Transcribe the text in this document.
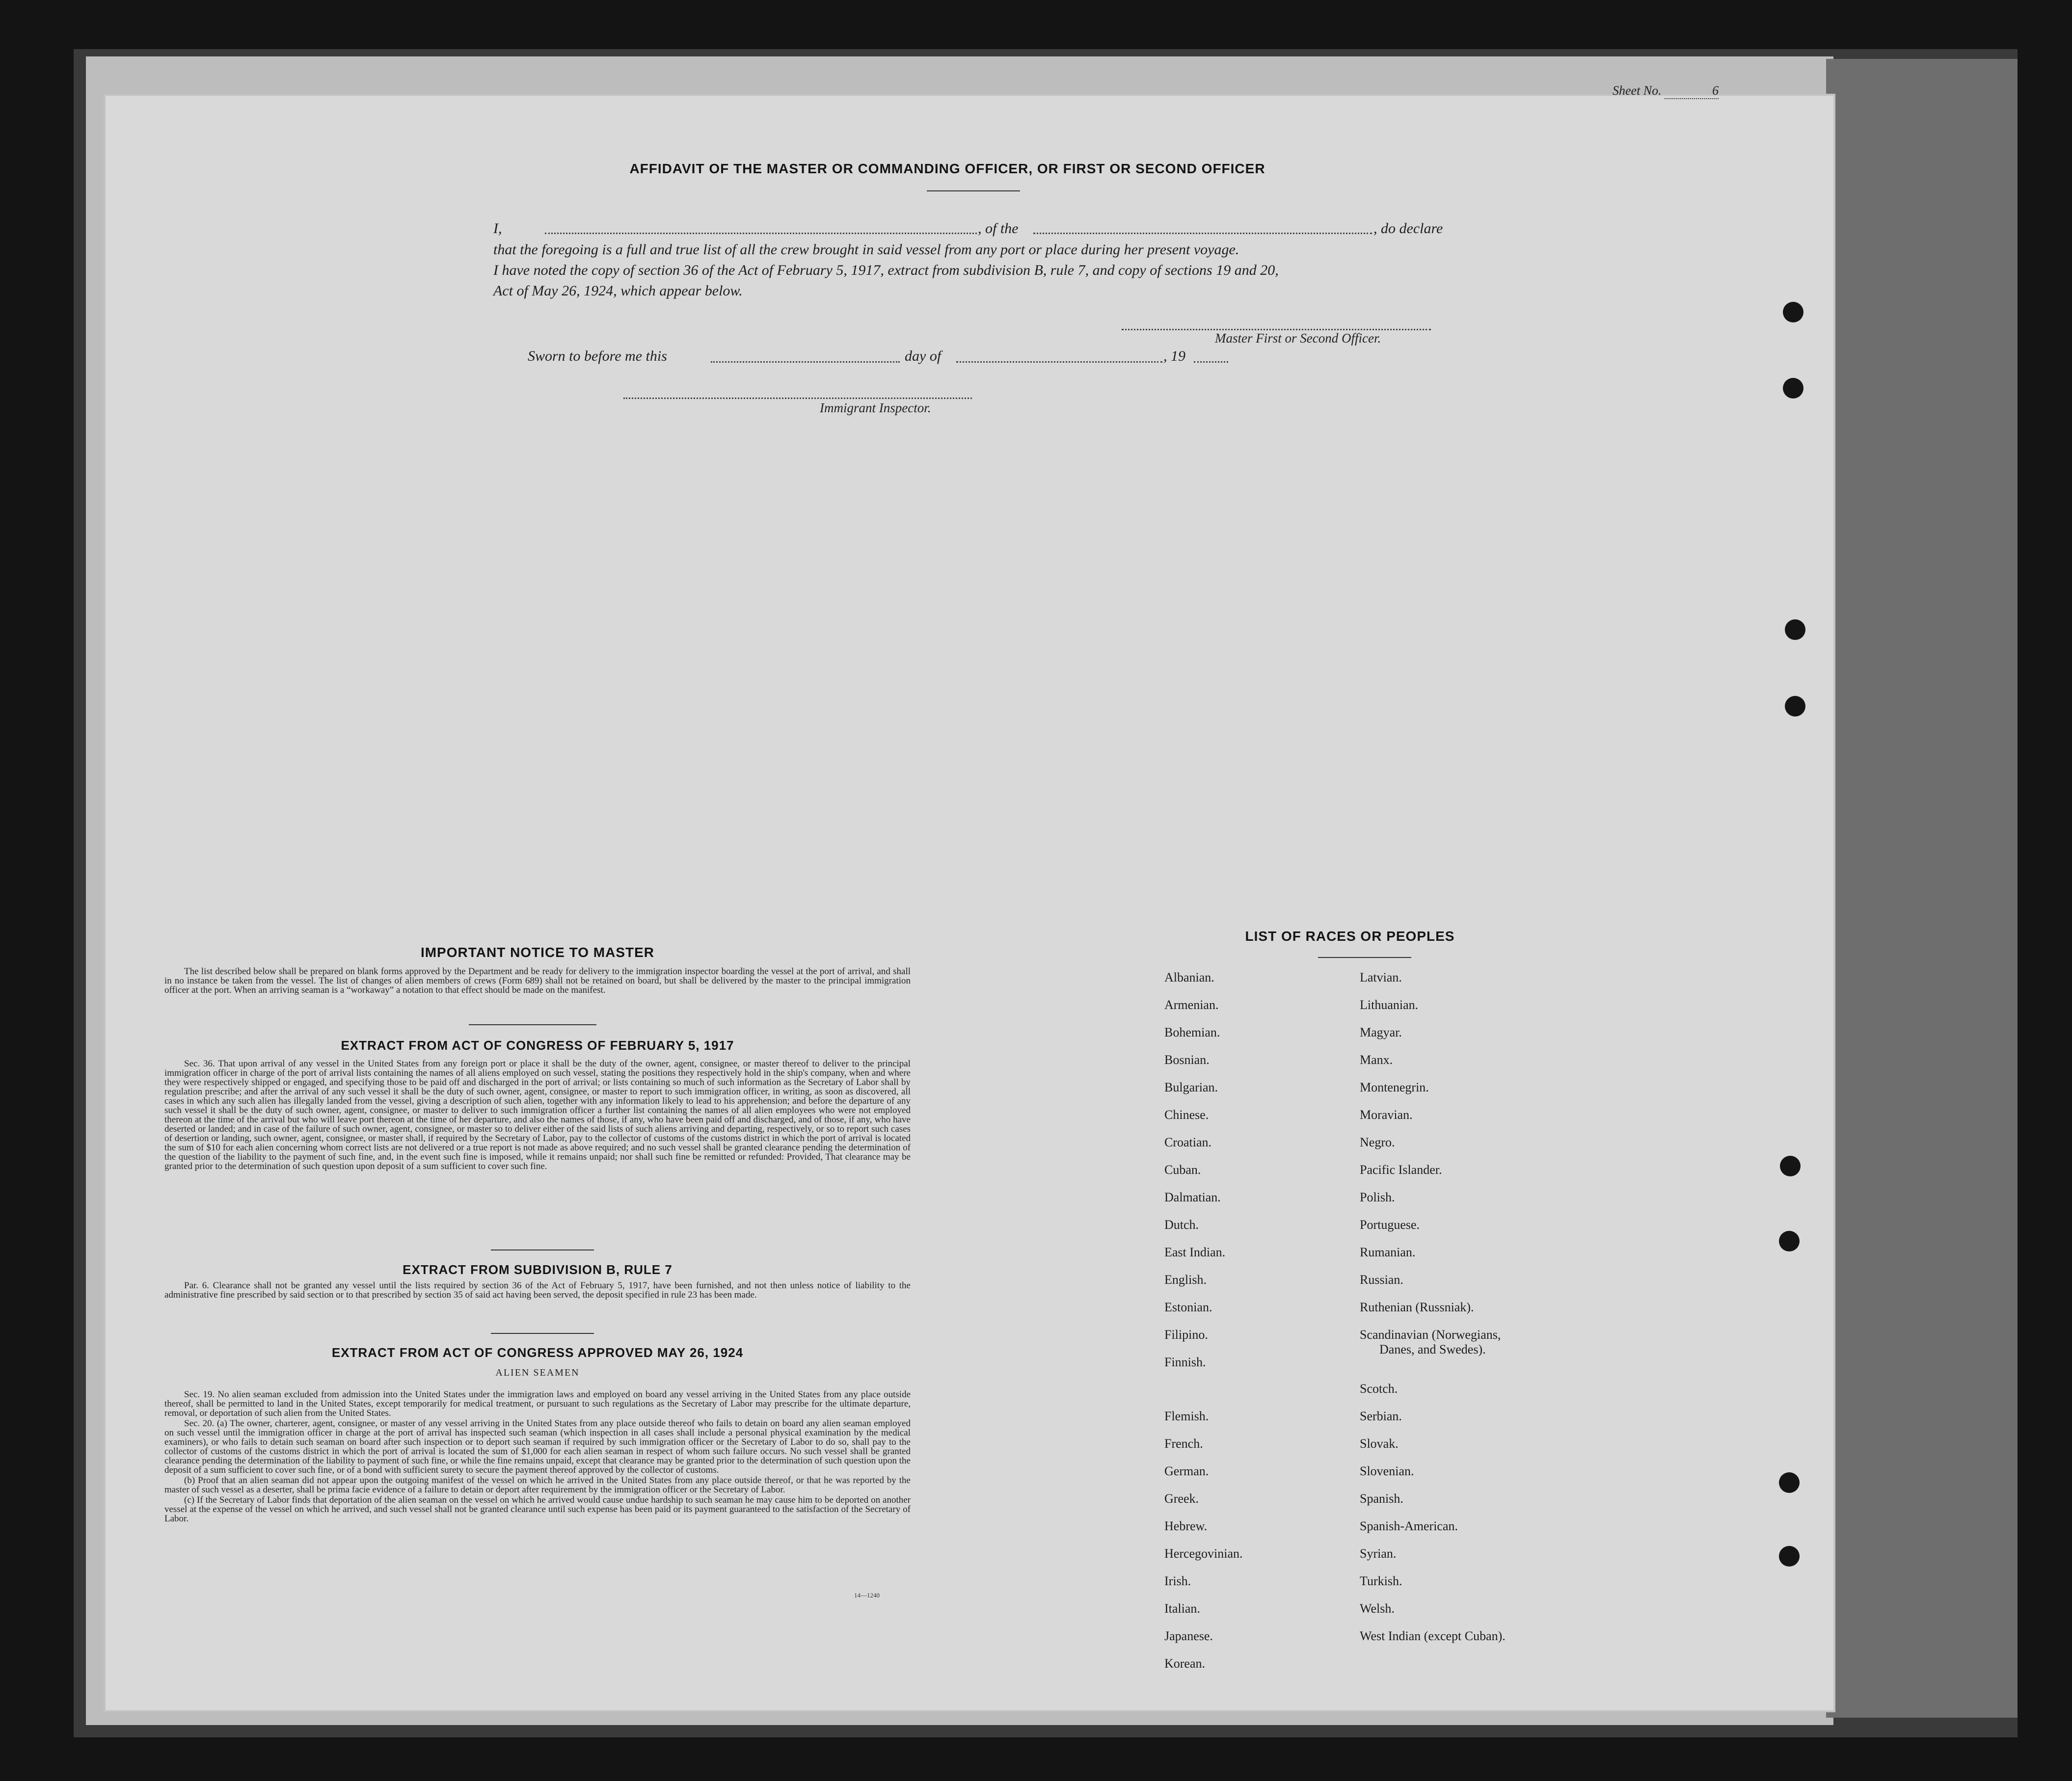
Sheet No.	6
AFFIDAVIT OF THE MASTER OR COMMANDING OFFICER, OR FIRST OR SECOND OFFICER
I,	, of the	, do declare
that the foregoing is a full and true list of all the crew brought in said vessel from any port or place during her present voyage.
I have noted the copy of section 36 of the Act of February 5, 1917, extract from subdivision B, rule 7, and copy of sections 19 and 20,
Act of May 26, 1924, which appear below.
Master First or Second Officer.
Sworn to before me this	day of	, 19
Immigrant Inspector.
IMPORTANT NOTICE TO MASTER

The list described below shall be prepared on blank forms approved by the Department and be ready for delivery to the immigration inspector boarding the vessel at the port of arrival, and shall in no instance be taken from the vessel. The list of changes of alien members of crews (Form 689) shall not be retained on board, but shall be delivered by the master to the principal immigration officer at the port. When an arriving seaman is a “workaway” a notation to that effect should be made on the manifest.

EXTRACT FROM ACT OF CONGRESS OF FEBRUARY 5, 1917

Sec. 36. That upon arrival of any vessel in the United States from any foreign port or place it shall be the duty of the owner, agent, consignee, or master thereof to deliver to the principal immigration officer in charge of the port of arrival lists containing the names of all aliens employed on such vessel, stating the positions they respectively hold in the ship's company, when and where they were respectively shipped or engaged, and specifying those to be paid off and discharged in the port of arrival; or lists containing so much of such information as the Secretary of Labor shall by regulation prescribe; and after the arrival of any such vessel it shall be the duty of such owner, agent, consignee, or master to report to such immigration officer, in writing, as soon as discovered, all cases in which any such alien has illegally landed from the vessel, giving a description of such alien, together with any information likely to lead to his apprehension; and before the departure of any such vessel it shall be the duty of such owner, agent, consignee, or master to deliver to such immigration officer a further list containing the names of all alien employees who were not employed thereon at the time of the arrival but who will leave port thereon at the time of her departure, and also the names of those, if any, who have been paid off and discharged, and of those, if any, who have deserted or landed; and in case of the failure of such owner, agent, consignee, or master so to deliver either of the said lists of such aliens arriving and departing, respectively, or so to report such cases of desertion or landing, such owner, agent, consignee, or master shall, if required by the Secretary of Labor, pay to the collector of customs of the customs district in which the port of arrival is located the sum of $10 for each alien concerning whom correct lists are not delivered or a true report is not made as above required; and no such vessel shall be granted clearance pending the determination of the question of the liability to the payment of such fine, and, in the event such fine is imposed, while it remains unpaid; nor shall such fine be remitted or refunded: Provided, That clearance may be granted prior to the determination of such question upon deposit of a sum sufficient to cover such fine.

EXTRACT FROM SUBDIVISION B, RULE 7

Par. 6. Clearance shall not be granted any vessel until the lists required by section 36 of the Act of February 5, 1917, have been furnished, and not then unless notice of liability to the administrative fine prescribed by said section or to that prescribed by section 35 of said act having been served, the deposit specified in rule 23 has been made.

EXTRACT FROM ACT OF CONGRESS APPROVED MAY 26, 1924
ALIEN SEAMEN

Sec. 19. No alien seaman excluded from admission into the United States under the immigration laws and employed on board any vessel arriving in the United States from any place outside thereof, shall be permitted to land in the United States, except temporarily for medical treatment, or pursuant to such regulations as the Secretary of Labor may prescribe for the ultimate departure, removal, or deportation of such alien from the United States.

Sec. 20. (a) The owner, charterer, agent, consignee, or master of any vessel arriving in the United States from any place outside thereof who fails to detain on board any alien seaman employed on such vessel until the immigration officer in charge at the port of arrival has inspected such seaman (which inspection in all cases shall include a personal physical examination by the medical examiners), or who fails to detain such seaman on board after such inspection or to deport such seaman if required by such immigration officer or the Secretary of Labor to do so, shall pay to the collector of customs of the customs district in which the port of arrival is located the sum of $1,000 for each alien seaman in respect of whom such failure occurs. No such vessel shall be granted clearance pending the determination of the liability to payment of such fine, or while the fine remains unpaid, except that clearance may be granted prior to the determination of such question upon the deposit of a sum sufficient to cover such fine, or of a bond with sufficient surety to secure the payment thereof approved by the collector of customs.

(b) Proof that an alien seaman did not appear upon the outgoing manifest of the vessel on which he arrived in the United States from any place outside thereof, or that he was reported by the master of such vessel as a deserter, shall be prima facie evidence of a failure to detain or deport after requirement by the immigration officer or the Secretary of Labor.

(c) If the Secretary of Labor finds that deportation of the alien seaman on the vessel on which he arrived would cause undue hardship to such seaman he may cause him to be deported on another vessel at the expense of the vessel on which he arrived, and such vessel shall not be granted clearance until such expense has been paid or its payment guaranteed to the satisfaction of the Secretary of Labor.

14—1240
LIST OF RACES OR PEOPLES
Albanian.
Armenian.
Bohemian.
Bosnian.
Bulgarian.
Chinese.
Croatian.
Cuban.
Dalmatian.
Dutch.
East Indian.
English.
Estonian.
Filipino.
Finnish.
Flemish.
French.
German.
Greek.
Hebrew.
Hercegovinian.
Irish.
Italian.
Japanese.
Korean.
Latvian.
Lithuanian.
Magyar.
Manx.
Montenegrin.
Moravian.
Negro.
Pacific Islander.
Polish.
Portuguese.
Rumanian.
Russian.
Ruthenian (Russniak).
Scandinavian (Norwegians,
Danes, and Swedes).
Scotch.
Serbian.
Slovak.
Slovenian.
Spanish.
Spanish-American.
Syrian.
Turkish.
Welsh.
West Indian (except Cuban).
